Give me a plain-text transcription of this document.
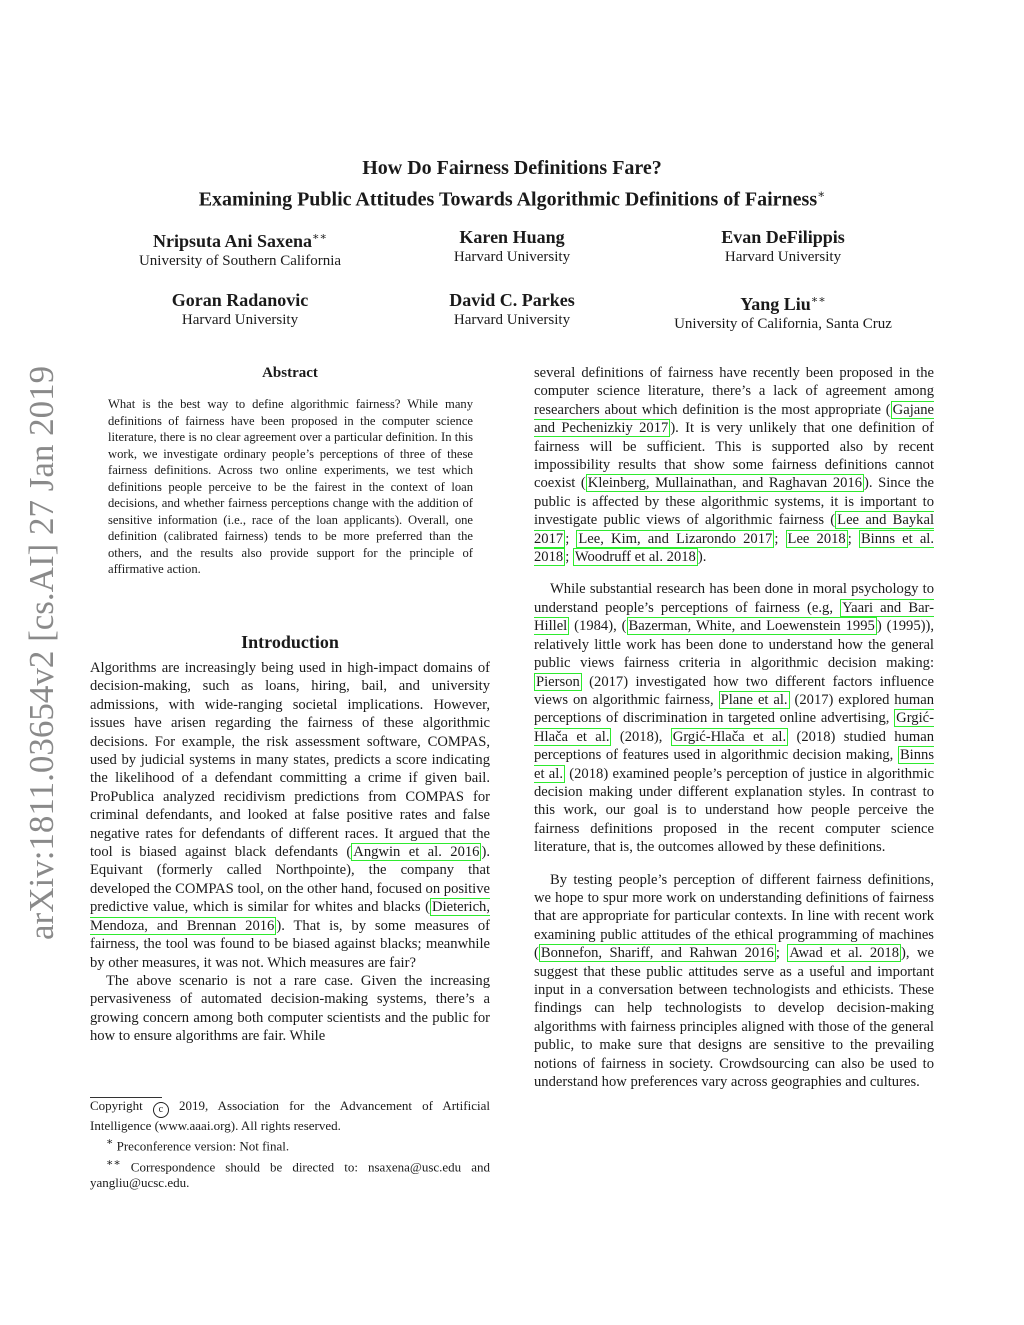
arXiv:1811.03654v2 [cs.AI] 27 Jan 2019
How Do Fairness Definitions Fare?
Examining Public Attitudes Towards Algorithmic Definitions of Fairness∗
Nripsuta Ani Saxena∗∗
University of Southern California
Karen Huang
Harvard University
Evan DeFilippis
Harvard University
Goran Radanovic
Harvard University
David C. Parkes
Harvard University
Yang Liu∗∗
University of California, Santa Cruz
Abstract

What is the best way to define algorithmic fairness? While many definitions of fairness have been proposed in the computer science literature, there is no clear agreement over a particular definition. In this work, we investigate ordinary people’s perceptions of three of these fairness definitions. Across two online experiments, we test which definitions people perceive to be the fairest in the context of loan decisions, and whether fairness perceptions change with the addition of sensitive information (i.e., race of the loan applicants). Overall, one definition (calibrated fairness) tends to be more preferred than the others, and the results also provide support for the principle of affirmative action.

Introduction

Algorithms are increasingly being used in high-impact domains of decision-making, such as loans, hiring, bail, and university admissions, with wide-ranging societal implications. However, issues have arisen regarding the fairness of these algorithmic decisions. For example, the risk assessment software, COMPAS, used by judicial systems in many states, predicts a score indicating the likelihood of a defendant committing a crime if given bail. ProPublica analyzed recidivism predictions from COMPAS for criminal defendants, and looked at false positive rates and false negative rates for defendants of different races. It argued that the tool is biased against black defendants ( Angwin et al. 2016 ). Equivant (formerly called Northpointe), the company that developed the COMPAS tool, on the other hand, focused on positive predictive value, which is similar for whites and blacks ( Dieterich, Mendoza, and Brennan 2016 ). That is, by some measures of fairness, the tool was found to be biased against blacks; meanwhile by other measures, it was not. Which measures are fair?

The above scenario is not a rare case. Given the increasing pervasiveness of automated decision-making systems, there’s a growing concern among both computer scientists and the public for how to ensure algorithms are fair. While

Copyright c 2019, Association for the Advancement of Artificial Intelligence (www.aaai.org). All rights reserved.

∗ Preconference version: Not final.

∗∗ Correspondence should be directed to: nsaxena@usc.edu and yangliu@ucsc.edu.

several definitions of fairness have recently been proposed in the computer science literature, there’s a lack of agreement among researchers about which definition is the most appropriate ( Gajane and Pechenizkiy 2017 ). It is very unlikely that one definition of fairness will be sufficient. This is supported also by recent impossibility results that show some fairness definitions cannot coexist ( Kleinberg, Mullainathan, and Raghavan 2016 ). Since the public is affected by these algorithmic systems, it is important to investigate public views of algorithmic fairness ( Lee and Baykal 2017 ; Lee, Kim, and Lizarondo 2017 ; Lee 2018 ; Binns et al. 2018 ; Woodruff et al. 2018 ).

While substantial research has been done in moral psychology to understand people’s perceptions of fairness (e.g, Yaari and Bar-Hillel (1984), ( Bazerman, White, and Loewenstein 1995 ) (1995)), relatively little work has been done to understand how the general public views fairness criteria in algorithmic decision making: Pierson (2017) investigated how two different factors influence views on algorithmic fairness, Plane et al. (2017) explored human perceptions of discrimination in targeted online advertising, Grgić-Hlača et al. (2018), Grgić-Hlača et al. (2018) studied human perceptions of features used in algorithmic decision making, Binns et al. (2018) examined people’s perception of justice in algorithmic decision making under different explanation styles. In contrast to this work, our goal is to understand how people perceive the fairness definitions proposed in the recent computer science literature, that is, the outcomes allowed by these definitions.

By testing people’s perception of different fairness definitions, we hope to spur more work on understanding definitions of fairness that are appropriate for particular contexts. In line with recent work examining public attitudes of the ethical programming of machines ( Bonnefon, Shariff, and Rahwan 2016 ; Awad et al. 2018 ), we suggest that these public attitudes serve as a useful and important input in a conversation between technologists and ethicists. These findings can help technologists to develop decision-making algorithms with fairness principles aligned with those of the general public, to make sure that designs are sensitive to the prevailing notions of fairness in society. Crowdsourcing can also be used to understand how preferences vary across geographies and cultures.
